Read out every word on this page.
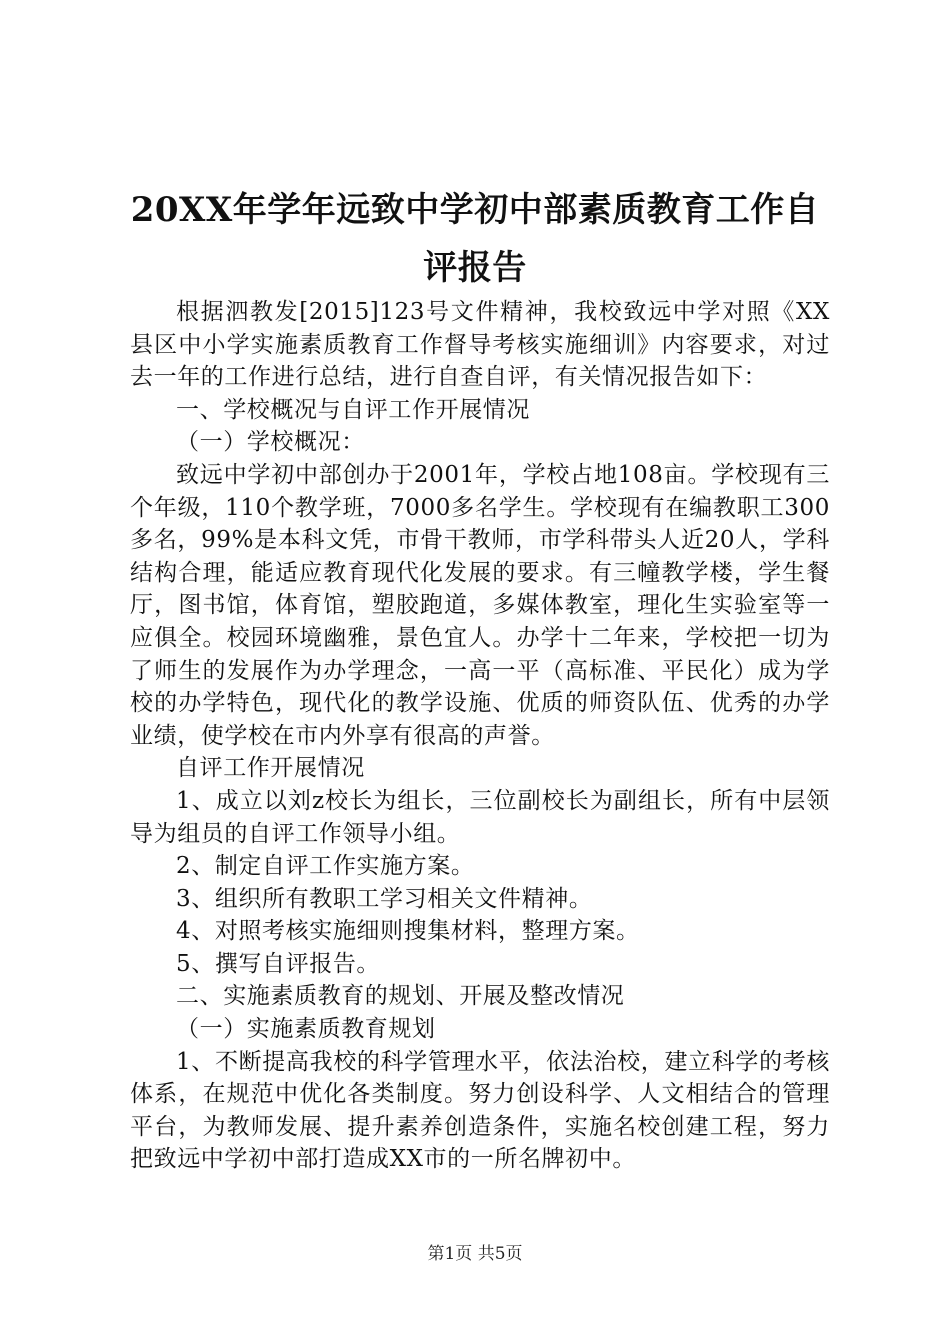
20XX年学年远致中学初中部素质教育工作自
评报告

根据泗教发[2015]123号文件精神，我校致远中学对照《XX县区中小学实施素质教育工作督导考核实施细训》内容要求，对过去一年的工作进行总结，进行自查自评，有关情况报告如下：

一、学校概况与自评工作开展情况

（一）学校概况：

致远中学初中部创办于2001年，学校占地108亩。学校现有三个年级，110个教学班，7000多名学生。学校现有在编教职工300多名，99%是本科文凭，市骨干教师，市学科带头人近20人，学科结构合理，能适应教育现代化发展的要求。有三幢教学楼，学生餐厅，图书馆，体育馆，塑胶跑道，多媒体教室，理化生实验室等一应俱全。校园环境幽雅，景色宜人。办学十二年来，学校把一切为了师生的发展作为办学理念，一高一平（高标准、平民化）成为学校的办学特色，现代化的教学设施、优质的师资队伍、优秀的办学业绩，使学校在市内外享有很高的声誉。

自评工作开展情况

1、成立以刘z校长为组长，三位副校长为副组长，所有中层领导为组员的自评工作领导小组。

2、制定自评工作实施方案。

3、组织所有教职工学习相关文件精神。

4、对照考核实施细则搜集材料，整理方案。

5、撰写自评报告。

二、实施素质教育的规划、开展及整改情况

（一）实施素质教育规划

1、不断提高我校的科学管理水平，依法治校，建立科学的考核体系，在规范中优化各类制度。努力创设科学、人文相结合的管理平台，为教师发展、提升素养创造条件，实施名校创建工程，努力把致远中学初中部打造成XX市的一所名牌初中。

第1页 共5页
